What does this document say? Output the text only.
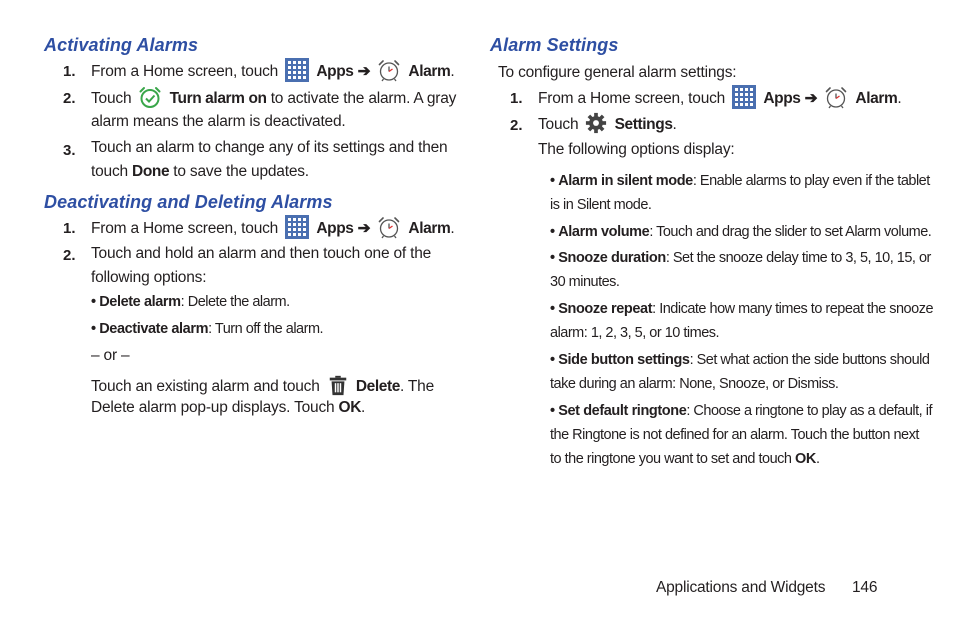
Activating Alarms
1. From a Home screen, touch Apps ➔ Alarm.
2. Touch Turn alarm on to activate the alarm. A gray
alarm means the alarm is deactivated.
3. Touch an alarm to change any of its settings and then
touch Done to save the updates.
Deactivating and Deleting Alarms
1. From a Home screen, touch Apps ➔ Alarm.
2. Touch and hold an alarm and then touch one of the
following options:
• Delete alarm: Delete the alarm.
• Deactivate alarm: Turn off the alarm.
– or –
Touch an existing alarm and touch Delete. The
Delete alarm pop-up displays. Touch OK.
Alarm Settings
To configure general alarm settings:
1. From a Home screen, touch Apps ➔ Alarm.
2. Touch Settings.
The following options display:
• Alarm in silent mode: Enable alarms to play even if the tablet
is in Silent mode.
• Alarm volume: Touch and drag the slider to set Alarm volume.
• Snooze duration: Set the snooze delay time to 3, 5, 10, 15, or
30 minutes.
• Snooze repeat: Indicate how many times to repeat the snooze
alarm: 1, 2, 3, 5, or 10 times.
• Side button settings: Set what action the side buttons should
take during an alarm: None, Snooze, or Dismiss.
• Set default ringtone: Choose a ringtone to play as a default, if
the Ringtone is not defined for an alarm. Touch the button next
to the ringtone you want to set and touch OK.
Applications and Widgets 146
